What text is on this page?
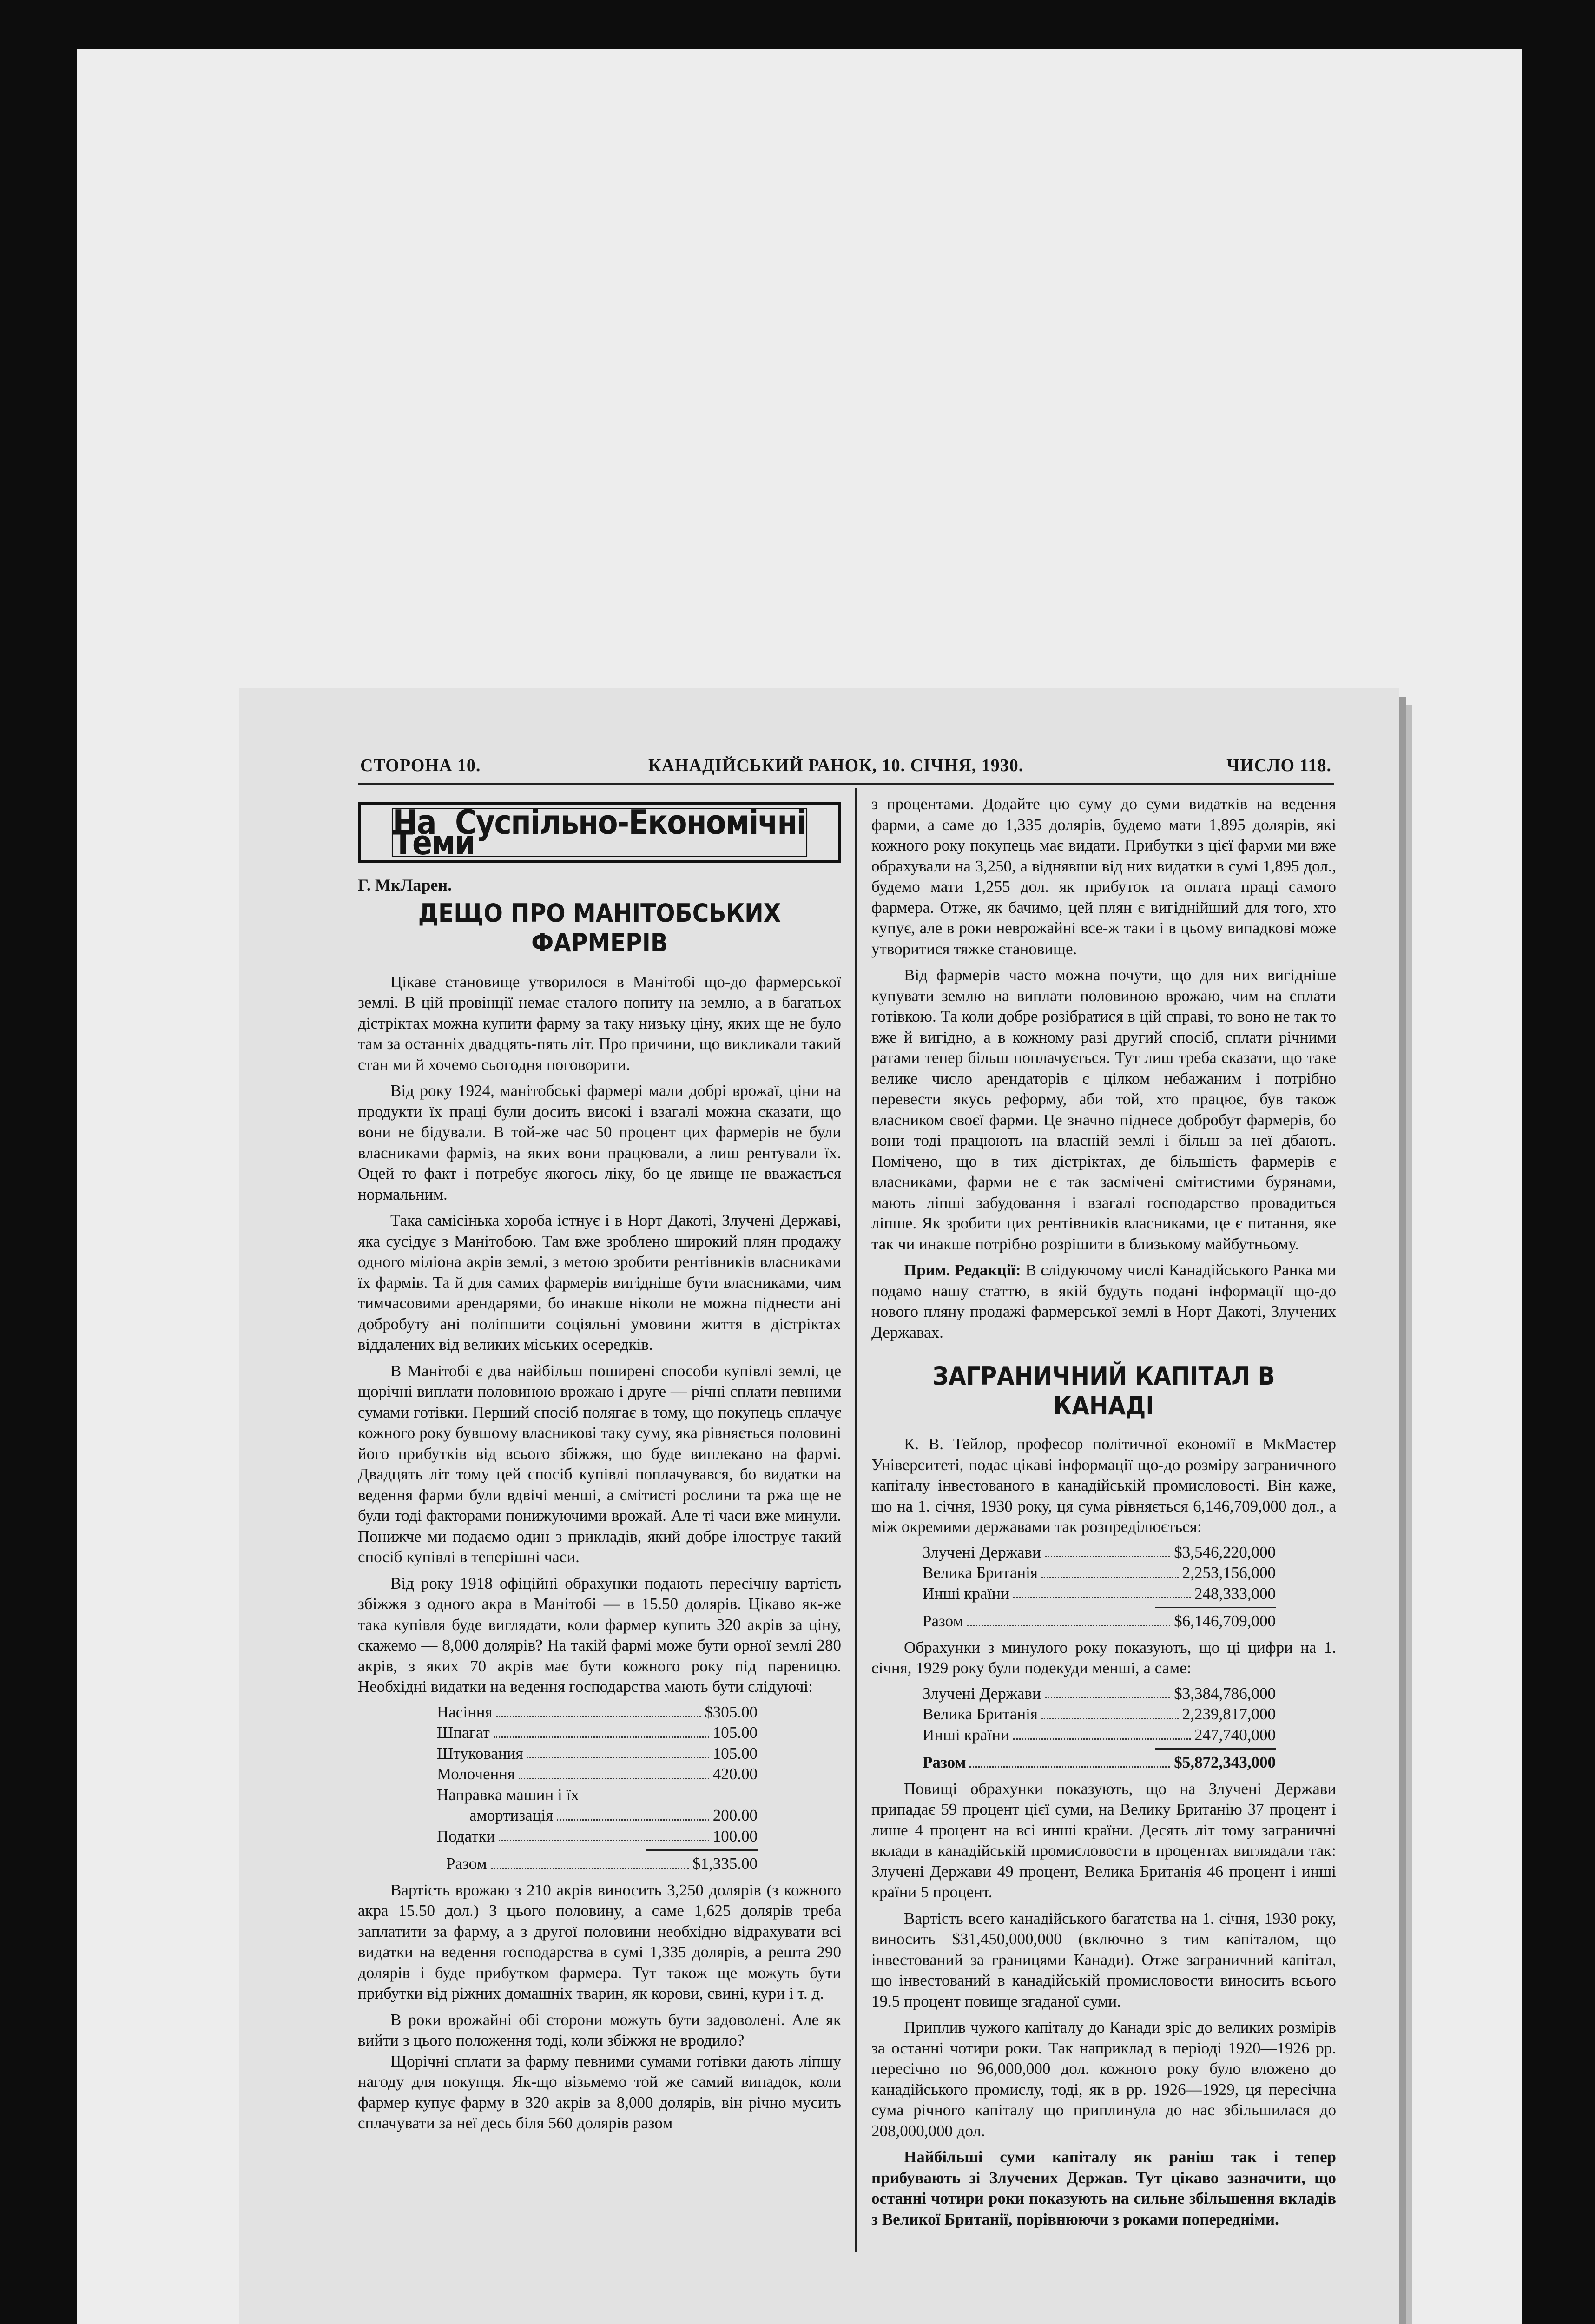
СТОРОНА 10.	КАНАДІЙСЬКИЙ РАНОК, 10. СІЧНЯ, 1930.	ЧИСЛО 118.
На Суспільно-Економічні Теми

Г. МкЛарен.

ДЕЩО ПРО МАНІТОБСЬКИХ ФАРМЕРІВ

Цікаве становище утворилося в Манітобі що-до фармерської землі. В цій провінції немає сталого попиту на землю, а в багатьох дістріктах можна купити фарму за таку низьку ціну, яких ще не було там за останніх двадцять-пять літ. Про причини, що викликали такий стан ми й хочемо сьогодня поговорити.

Від року 1924, манітобські фармері мали добрі врожаї, ціни на продукти їх праці були досить високі і взагалі можна сказати, що вони не бідували. В той-же час 50 процент цих фармерів не були власниками фарміз, на яких вони працювали, а лиш рентували їх. Оцей то факт і потребує якогось ліку, бо це явище не вважається нормальним.

Така самісінька хороба істнує і в Норт Дакоті, Злучені Державі, яка сусідує з Манітобою. Там вже зроблено широкий плян продажу одного міліона акрів землі, з метою зробити рентівників власниками їх фармів. Та й для самих фармерів вигідніше бути власниками, чим тимчасовими арендарями, бо инакше ніколи не можна піднести ані добробуту ані поліпшити соціяльні умовини життя в дістріктах віддалених від великих міських осередків.

В Манітобі є два найбільш поширені способи купівлі землі, це щорічні виплати половиною врожаю і друге — річні сплати певними сумами готівки. Перший спосіб полягає в тому, що покупець сплачує кожного року бувшому власникові таку суму, яка рівняється половині його прибутків від всього збіжжя, що буде виплекано на фармі. Двадцять літ тому цей спосіб купівлі поплачувався, бо видатки на ведення фарми були вдвічі менші, а смітисті рослини та ржа ще не були тоді факторами понижуючими врожай. Але ті часи вже минули. Понижче ми подаємо один з прикладів, який добре ілюструє такий спосіб купівлі в теперішні часи.

Від року 1918 офіційні обрахунки подають пересічну вартість збіжжя з одного акра в Манітобі — в 15.50 долярів. Цікаво як-же така купівля буде виглядати, коли фармер купить 320 акрів за ціну, скажемо — 8,000 долярів? На такій фармі може бути орної землі 280 акрів, з яких 70 акрів має бути кожного року під пареницю. Необхідні видатки на ведення господарства мають бути слідуючі:

Насіння	$305.00
Шпагат	105.00
Штукования	105.00
Молочення	420.00
Направка машин і їх
амортизація	200.00
Податки	100.00
Разом	$1,335.00

Вартість врожаю з 210 акрів виносить 3,250 долярів (з кожного акра 15.50 дол.) З цього половину, а саме 1,625 долярів треба заплатити за фарму, а з другої половини необхідно відрахувати всі видатки на ведення господарства в сумі 1,335 долярів, а решта 290 долярів і буде прибутком фармера. Тут також ще можуть бути прибутки від ріжних домашніх тварин, як корови, свині, кури і т. д.

В роки врожайні обі сторони можуть бути задоволені. Але як вийти з цього положення тоді, коли збіжжя не вродило?

Щорічні сплати за фарму певними сумами готівки дають ліпшу нагоду для покупця. Як-що візьмемо той же самий випадок, коли фармер купує фарму в 320 акрів за 8,000 долярів, він річно мусить сплачувати за неї десь біля 560 долярів разом

з процентами. Додайте цю суму до суми видатків на ведення фарми, а саме до 1,335 долярів, будемо мати 1,895 долярів, які кожного року покупець має видати. Прибутки з цієї фарми ми вже обрахували на 3,250, а віднявши від них видатки в сумі 1,895 дол., будемо мати 1,255 дол. як прибуток та оплата праці самого фармера. Отже, як бачимо, цей плян є вигіднійший для того, хто купує, але в роки неврожайні все-ж таки і в цьому випадкові може утворитися тяжке становище.

Від фармерів часто можна почути, що для них вигідніше купувати землю на виплати половиною врожаю, чим на сплати готівкою. Та коли добре розібратися в цій справі, то воно не так то вже й вигідно, а в кожному разі другий спосіб, сплати річними ратами тепер більш поплачується. Тут лиш треба сказати, що таке велике число арендаторів є цілком небажаним і потрібно перевести якусь реформу, аби той, хто працює, був також власником своєї фарми. Це значно піднесе добробут фармерів, бо вони тоді працюють на власній землі і більш за неї дбають. Помічено, що в тих дістріктах, де більшість фармерів є власниками, фарми не є так засмічені смітистими бурянами, мають ліпші забудовання і взагалі господарство провадиться ліпше. Як зробити цих рентівників власниками, це є питання, яке так чи инакше потрібно розрішити в близькому майбутньому.

Прим. Редакції: В слідуючому числі Канадійського Ранка ми подамо нашу статтю, в якій будуть подані інформації що-до нового пляну продажі фармерської землі в Норт Дакоті, Злучених Державах.

ЗАГРАНИЧНИЙ КАПІТАЛ В КАНАДІ

К. В. Тейлор, професор політичної економії в МкМастер Університеті, подає цікаві інформації що-до розміру заграничного капіталу інвестованого в канадійській промисловості. Він каже, що на 1. січня, 1930 року, ця сума рівняється 6,146,709,000 дол., а між окремими державами так розпреділюється:

Злучені Держави	$3,546,220,000
Велика Британія	2,253,156,000
Иншi краïни	248,333,000
Разом	$6,146,709,000

Обрахунки з минулого року показують, що ці цифри на 1. січня, 1929 року були подекуди менші, а саме:

Злучені Держави	$3,384,786,000
Велика Британія	2,239,817,000
Иншi краïни	247,740,000
Разом	$5,872,343,000

Повищі обрахунки показують, що на Злучені Держави припадає 59 процент цієї суми, на Велику Британію 37 процент і лише 4 процент на всі инші краïни. Десять літ тому заграничні вклади в канадійській промисловости в процентах виглядали так: Злучені Держави 49 процент, Велика Британія 46 процент і инші краïни 5 процент.

Вартість всего канадійського багатства на 1. січня, 1930 року, виносить $31,450,000,000 (включно з тим капіталом, що інвестований за границями Канади). Отже заграничний капітал, що інвестований в канадійській промисловости виносить всього 19.5 процент повище згаданої суми.

Приплив чужого капіталу до Канади зріс до великих розмірів за останні чотири роки. Так наприклад в періоді 1920—1926 рр. пересічно по 96,000,000 дол. кожного року було вложено до канадійського промислу, тоді, як в рр. 1926—1929, ця пересічна сума річного капіталу що приплинула до нас збільшилася до 208,000,000 дол.

Найбільші суми капіталу як раніш так і тепер прибувають зі Злучених Держав. Тут цікаво зазначити, що останні чотири роки показують на сильне збільшення вкладів з Великої Британії, порівнюючи з роками попередніми.
